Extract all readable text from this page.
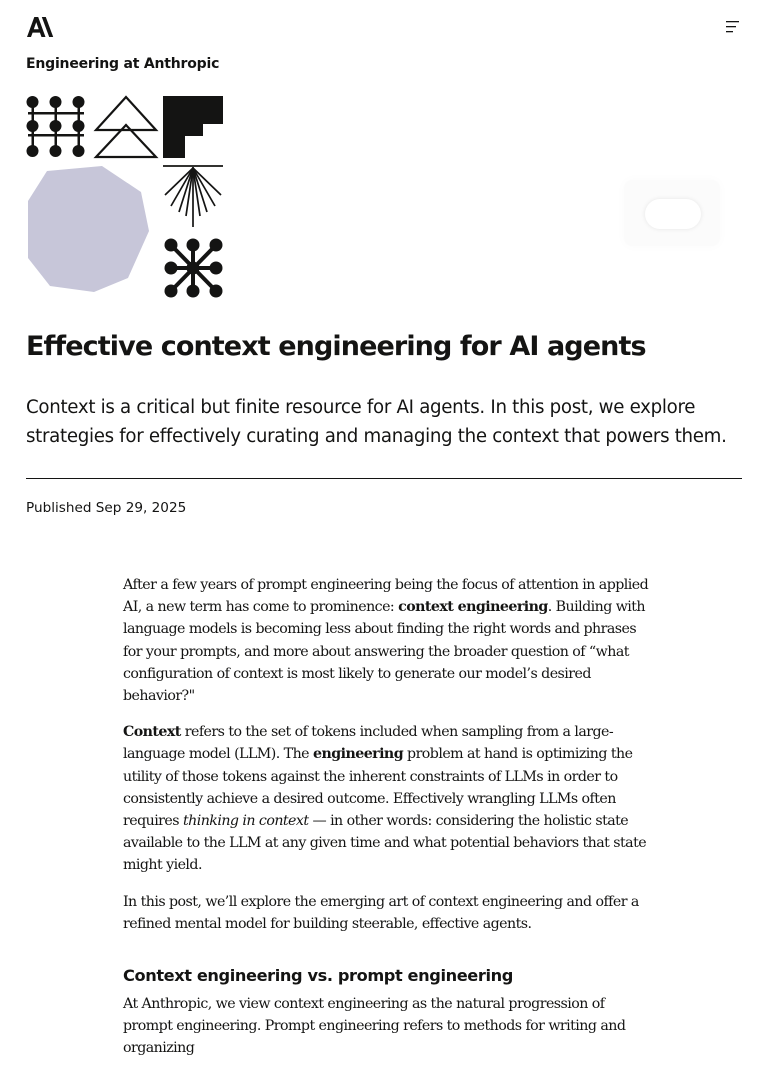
Engineering at Anthropic
Effective context engineering for AI agents

Context is a critical but finite resource for AI agents. In this post, we explore strategies for effectively curating and managing the context that powers them.

Published Sep 29, 2025

After a few years of prompt engineering being the focus of attention in applied AI, a new term has come to prominence: context engineering. Building with language models is becoming less about finding the right words and phrases for your prompts, and more about answering the broader question of “what configuration of context is most likely to generate our model’s desired behavior?"

Context refers to the set of tokens included when sampling from a large-language model (LLM). The engineering problem at hand is optimizing the utility of those tokens against the inherent constraints of LLMs in order to consistently achieve a desired outcome. Effectively wrangling LLMs often requires thinking in context — in other words: considering the holistic state available to the LLM at any given time and what potential behaviors that state might yield.

In this post, we’ll explore the emerging art of context engineering and offer a refined mental model for building steerable, effective agents.

Context engineering vs. prompt engineering

At Anthropic, we view context engineering as the natural progression of prompt engineering. Prompt engineering refers to methods for writing and organizing
